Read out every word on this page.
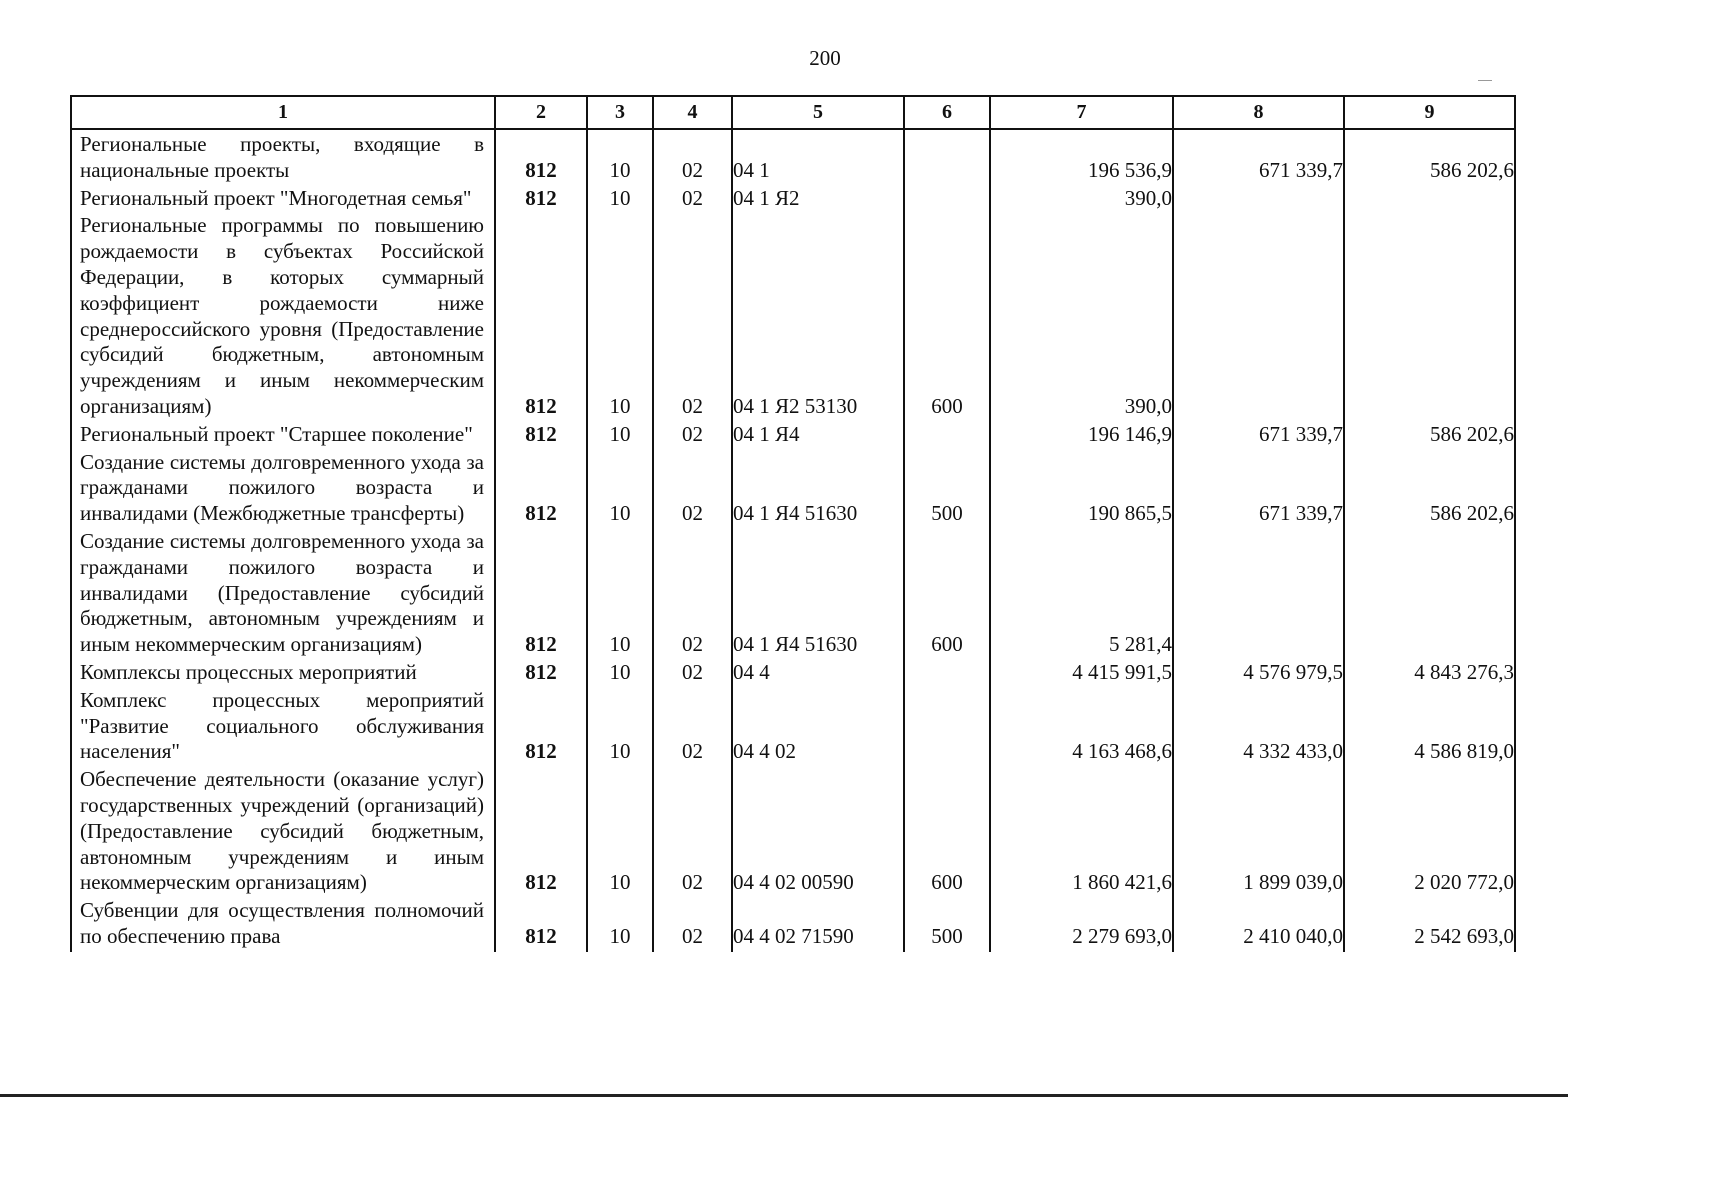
200
1	2	3	4	5	6	7	8	9
Региональные проекты, входящие в национальные проекты	812	10	02	04 1		196 536,9	671 339,7	586 202,6
Региональный проект "Многодетная семья"	812	10	02	04 1 Я2		390,0		
Региональные программы по повышению рождаемости в субъектах Российской Федерации, в которых суммарный коэффициент рождаемости ниже среднероссийского уровня (Предоставление субсидий бюджетным, автономным учреждениям и иным некоммерческим организациям)	812	10	02	04 1 Я2 53130	600	390,0		
Региональный проект "Старшее поколение"	812	10	02	04 1 Я4		196 146,9	671 339,7	586 202,6
Создание системы долговременного ухода за гражданами пожилого возраста и инвалидами (Межбюджетные трансферты)	812	10	02	04 1 Я4 51630	500	190 865,5	671 339,7	586 202,6
Создание системы долговременного ухода за гражданами пожилого возраста и инвалидами (Предоставление субсидий бюджетным, автономным учреждениям и иным некоммерческим организациям)	812	10	02	04 1 Я4 51630	600	5 281,4		
Комплексы процессных мероприятий	812	10	02	04 4		4 415 991,5	4 576 979,5	4 843 276,3
Комплекс процессных мероприятий "Развитие социального обслуживания населения"	812	10	02	04 4 02		4 163 468,6	4 332 433,0	4 586 819,0
Обеспечение деятельности (оказание услуг) государственных учреждений (организаций) (Предоставление субсидий бюджетным, автономным учреждениям и иным некоммерческим организациям)	812	10	02	04 4 02 00590	600	1 860 421,6	1 899 039,0	2 020 772,0
Субвенции для осуществления полномочий по обеспечению права	812	10	02	04 4 02 71590	500	2 279 693,0	2 410 040,0	2 542 693,0
